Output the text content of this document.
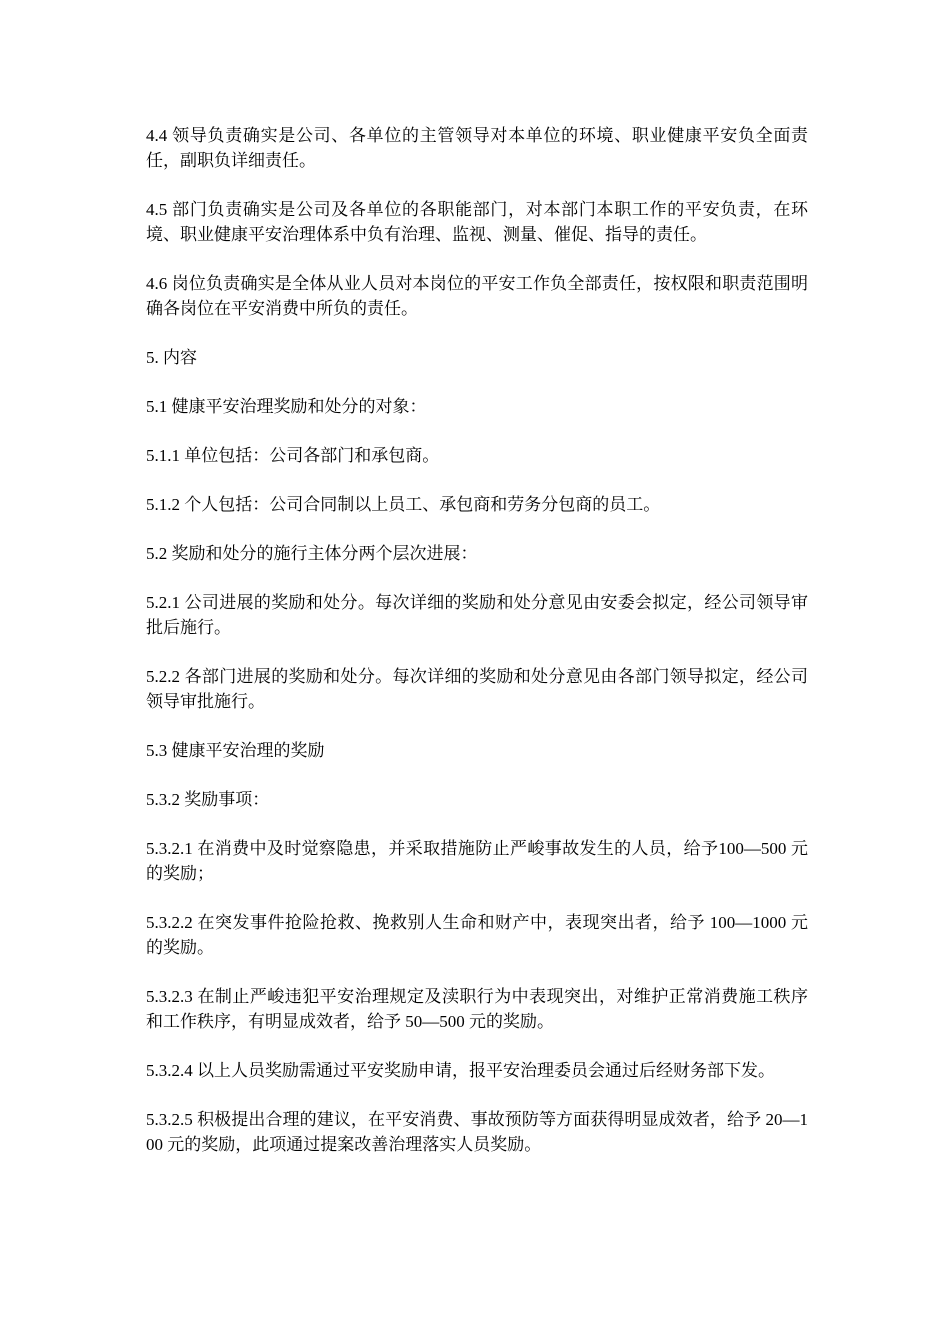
4.4 领导负责确实是公司、各单位的主管领导对本单位的环境、职业健康平安负全面责任，副职负详细责任。

4.5 部门负责确实是公司及各单位的各职能部门，对本部门本职工作的平安负责，在环境、职业健康平安治理体系中负有治理、监视、测量、催促、指导的责任。

4.6 岗位负责确实是全体从业人员对本岗位的平安工作负全部责任，按权限和职责范围明确各岗位在平安消费中所负的责任。

5. 内容

5.1 健康平安治理奖励和处分的对象：

5.1.1 单位包括：公司各部门和承包商。

5.1.2 个人包括：公司合同制以上员工、承包商和劳务分包商的员工。

5.2 奖励和处分的施行主体分两个层次进展：

5.2.1 公司进展的奖励和处分。每次详细的奖励和处分意见由安委会拟定，经公司领导审批后施行。

5.2.2 各部门进展的奖励和处分。每次详细的奖励和处分意见由各部门领导拟定，经公司领导审批施行。

5.3 健康平安治理的奖励

5.3.2 奖励事项：

5.3.2.1 在消费中及时觉察隐患，并采取措施防止严峻事故发生的人员，给予100—500 元的奖励；

5.3.2.2 在突发事件抢险抢救、挽救别人生命和财产中，表现突出者，给予 100—1000 元的奖励。

5.3.2.3 在制止严峻违犯平安治理规定及渎职行为中表现突出，对维护正常消费施工秩序和工作秩序，有明显成效者，给予 50—500 元的奖励。

5.3.2.4 以上人员奖励需通过平安奖励申请，报平安治理委员会通过后经财务部下发。

5.3.2.5 积极提出合理的建议，在平安消费、事故预防等方面获得明显成效者，给予 20—100 元的奖励，此项通过提案改善治理落实人员奖励。
